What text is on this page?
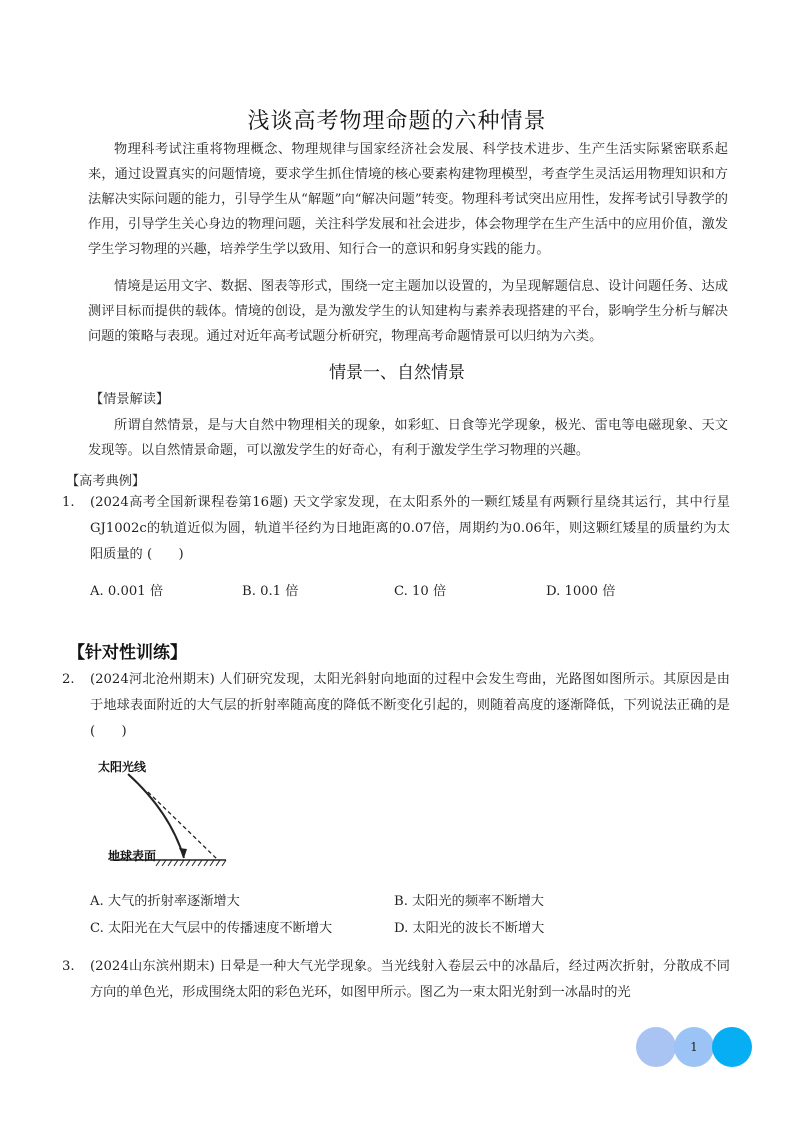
浅谈高考物理命题的六种情景

物理科考试注重将物理概念、物理规律与国家经济社会发展、科学技术进步、生产生活实际紧密联系起来，通过设置真实的问题情境，要求学生抓住情境的核心要素构建物理模型，考查学生灵活运用物理知识和方法解决实际问题的能力，引导学生从“解题”向“解决问题”转变。物理科考试突出应用性，发挥考试引导教学的作用，引导学生关心身边的物理问题，关注科学发展和社会进步，体会物理学在生产生活中的应用价值，激发学生学习物理的兴趣，培养学生学以致用、知行合一的意识和躬身实践的能力。

情境是运用文字、数据、图表等形式，围绕一定主题加以设置的，为呈现解题信息、设计问题任务、达成测评目标而提供的载体。情境的创设，是为激发学生的认知建构与素养表现搭建的平台，影响学生分析与解决问题的策略与表现。通过对近年高考试题分析研究，物理高考命题情景可以归纳为六类。

情景一、自然情景
【情景解读】

所谓自然情景，是与大自然中物理相关的现象，如彩虹、日食等光学现象，极光、雷电等电磁现象、天文发现等。以自然情景命题，可以激发学生的好奇心，有利于激发学生学习物理的兴趣。

【高考典例】

1. (2024高考全国新课程卷第16题) 天文学家发现，在太阳系外的一颗红矮星有两颗行星绕其运行，其中行星GJ1002c的轨道近似为圆，轨道半径约为日地距离的0.07倍，周期约为0.06年，则这颗红矮星的质量约为太阳质量的 (　　)

A. 0.001 倍	B. 0.1 倍	C. 10 倍	D. 1000 倍
【针对性训练】

2. (2024河北沧州期末) 人们研究发现，太阳光斜射向地面的过程中会发生弯曲，光路图如图所示。其原因是由于地球表面附近的大气层的折射率随高度的降低不断变化引起的，则随着高度的逐渐降低，下列说法正确的是 (　　)

太阳光线
地球表面
A. 大气的折射率逐渐增大	B. 太阳光的频率不断增大
C. 太阳光在大气层中的传播速度不断增大	D. 太阳光的波长不断增大

3. (2024山东滨州期末) 日晕是一种大气光学现象。当光线射入卷层云中的冰晶后，经过两次折射，分散成不同方向的单色光，形成围绕太阳的彩色光环，如图甲所示。图乙为一束太阳光射到一冰晶时的光

1
